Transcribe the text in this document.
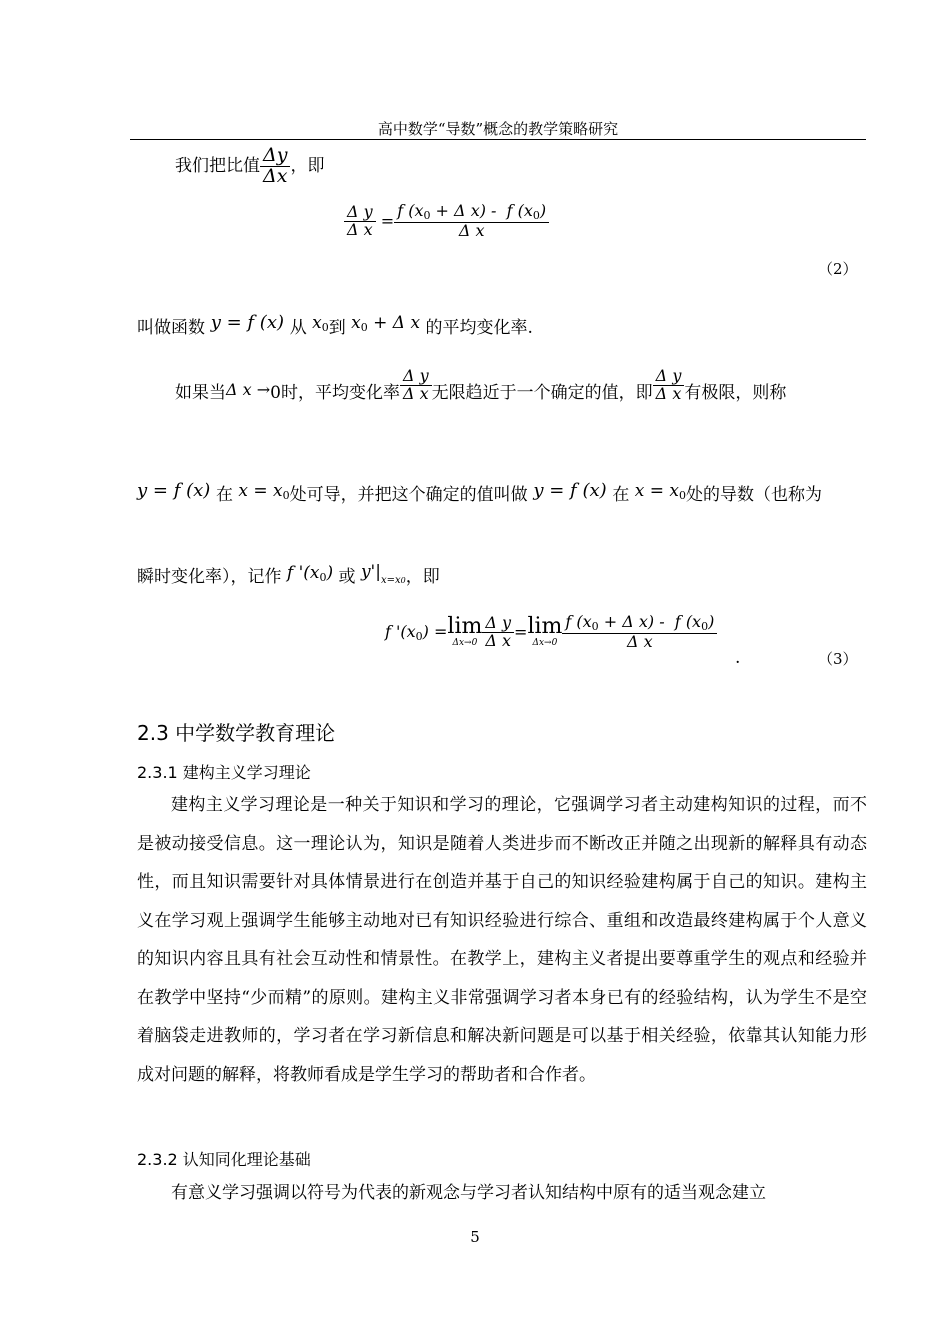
高中数学“导数”概念的教学策略研究
我们把比值 $\frac{\Delta y}{\Delta x}$ ，即
$\frac{\text{Δ y}}{\text{Δ x}} = \frac{f (x_0 + \Delta x) - f (x_0)}{\text{Δ x}}$
（2）
叫做函数 y = f (x) 从 $x_0$到 $x_0 + \Delta$ x 的平均变化率.
如果当Δ x →0时，平均变化率 $\frac{\text{Δ y}}{\text{Δ x}}$ 无限趋近于一个确定的值，即 $\frac{\text{Δ y}}{\text{Δ x}}$ 有极限，则称
y = f (x) 在 $x = x_0$处可导，并把这个确定的值叫做 y = f (x) 在 $x = x_0$处的导数（也称为
瞬时变化率），记作 f '$(x_0)$ 或 $y'|_{x=x0}$，即
f '$(x_0) = \lim$
$\Delta x\to 0 \frac{\text{Δ y}}{\text{Δ x}} = \lim$
$\Delta x\to 0 \frac{f (x_0 + \Delta x) - f (x_0)}{\text{Δ x}}$
.	（3）
2.3 中学数学教育理论
2.3.1 建构主义学习理论

建构主义学习理论是一种关于知识和学习的理论，它强调学习者主动建构知识的过程，而不是被动接受信息。这一理论认为，知识是随着人类进步而不断改正并随之出现新的解释具有动态性，而且知识需要针对具体情景进行在创造并基于自己的知识经验建构属于自己的知识。建构主义在学习观上强调学生能够主动地对已有知识经验进行综合、重组和改造最终建构属于个人意义的知识内容且具有社会互动性和情景性。在教学上，建构主义者提出要尊重学生的观点和经验并在教学中坚持“少而精”的原则。建构主义非常强调学习者本身已有的经验结构，认为学生不是空着脑袋走进教师的，学习者在学习新信息和解决新问题是可以基于相关经验，依靠其认知能力形成对问题的解释，将教师看成是学生学习的帮助者和合作者。

2.3.2 认知同化理论基础

有意义学习强调以符号为代表的新观念与学习者认知结构中原有的适当观念建立

5
